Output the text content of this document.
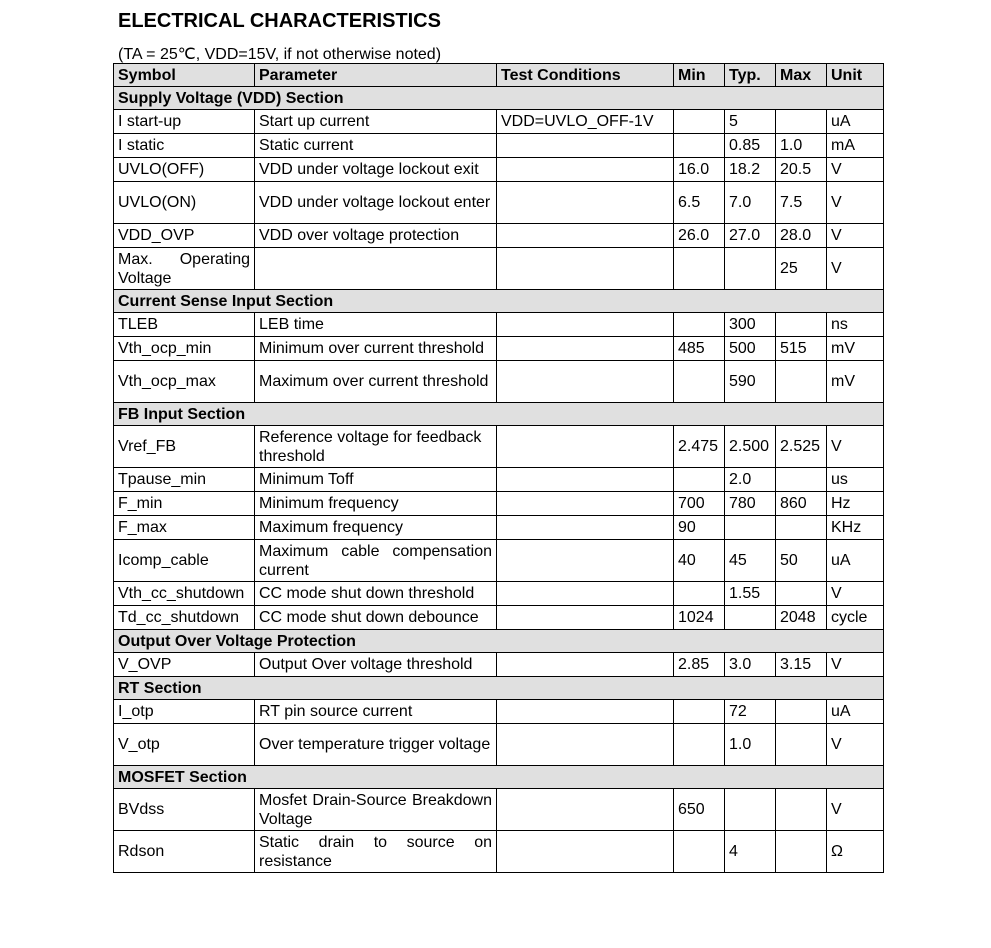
ELECTRICAL CHARACTERISTICS

(TA = 25℃, VDD=15V, if not otherwise noted)

Symbol	Parameter	Test Conditions	Min	Typ.	Max	Unit
Supply Voltage (VDD) Section						
I start-up	Start up current	VDD=UVLO_OFF-1V		5		uA
I static	Static current			0.85	1.0	mA
UVLO(OFF)	VDD under voltage lockout exit		16.0	18.2	20.5	V
UVLO(ON)	VDD under voltage lockout enter		6.5	7.0	7.5	V
VDD_OVP	VDD over voltage protection		26.0	27.0	28.0	V
Max. Operating Voltage					25	V
Current Sense Input Section						
TLEB	LEB time			300		ns
Vth_ocp_min	Minimum over current threshold		485	500	515	mV
Vth_ocp_max	Maximum over current threshold			590		mV
FB Input Section						
Vref_FB	Reference voltage for feedback threshold		2.475	2.500	2.525	V
Tpause_min	Minimum Toff			2.0		us
F_min	Minimum frequency		700	780	860	Hz
F_max	Maximum frequency		90			KHz
Icomp_cable	Maximum cable compensation current		40	45	50	uA
Vth_cc_shutdown	CC mode shut down threshold			1.55		V
Td_cc_shutdown	CC mode shut down debounce		1024		2048	cycle
Output Over Voltage Protection						
V_OVP	Output Over voltage threshold		2.85	3.0	3.15	V
RT Section						
I_otp	RT pin source current			72		uA
V_otp	Over temperature trigger voltage			1.0		V
MOSFET Section						
BVdss	Mosfet Drain-Source Breakdown Voltage		650			V
Rdson	Static drain to source on resistance			4		Ω
